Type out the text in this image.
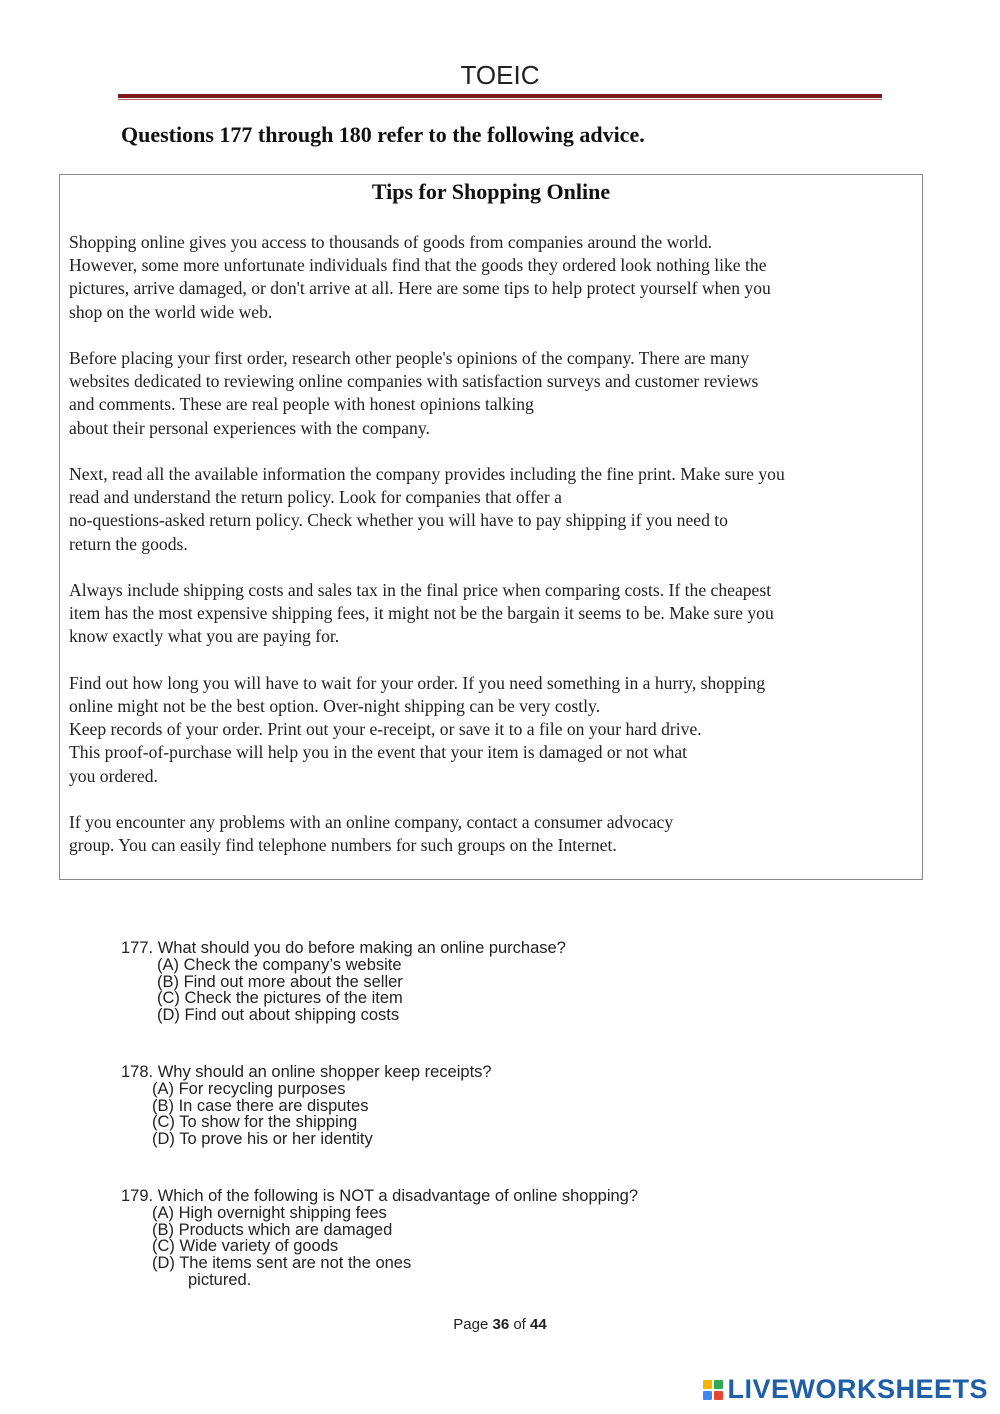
TOEIC
Questions 177 through 180 refer to the following advice.
Tips for Shopping Online

Shopping online gives you access to thousands of goods from companies around the world.
However, some more unfortunate individuals find that the goods they ordered look nothing like the
pictures, arrive damaged, or don't arrive at all. Here are some tips to help protect yourself when you
shop on the world wide web.

Before placing your first order, research other people's opinions of the company. There are many
websites dedicated to reviewing online companies with satisfaction surveys and customer reviews
and comments. These are real people with honest opinions talking
about their personal experiences with the company.

Next, read all the available information the company provides including the fine print. Make sure you
read and understand the return policy. Look for companies that offer a
no-questions-asked return policy. Check whether you will have to pay shipping if you need to
return the goods.

Always include shipping costs and sales tax in the final price when comparing costs. If the cheapest
item has the most expensive shipping fees, it might not be the bargain it seems to be. Make sure you
know exactly what you are paying for.

Find out how long you will have to wait for your order. If you need something in a hurry, shopping
online might not be the best option. Over-night shipping can be very costly.
Keep records of your order. Print out your e-receipt, or save it to a file on your hard drive.
This proof-of-purchase will help you in the event that your item is damaged or not what
you ordered.

If you encounter any problems with an online company, contact a consumer advocacy
group. You can easily find telephone numbers for such groups on the Internet.

177. What should you do before making an online purchase?
(A) Check the company’s website
(B) Find out more about the seller
(C) Check the pictures of the item
(D) Find out about shipping costs
178. Why should an online shopper keep receipts?
(A) For recycling purposes
(B) In case there are disputes
(C) To show for the shipping
(D) To prove his or her identity
179. Which of the following is NOT a disadvantage of online shopping?
(A) High overnight shipping fees
(B) Products which are damaged
(C) Wide variety of goods
(D) The items sent are not the ones
pictured.
Page 36 of 44
LIVEWORKSHEETS
